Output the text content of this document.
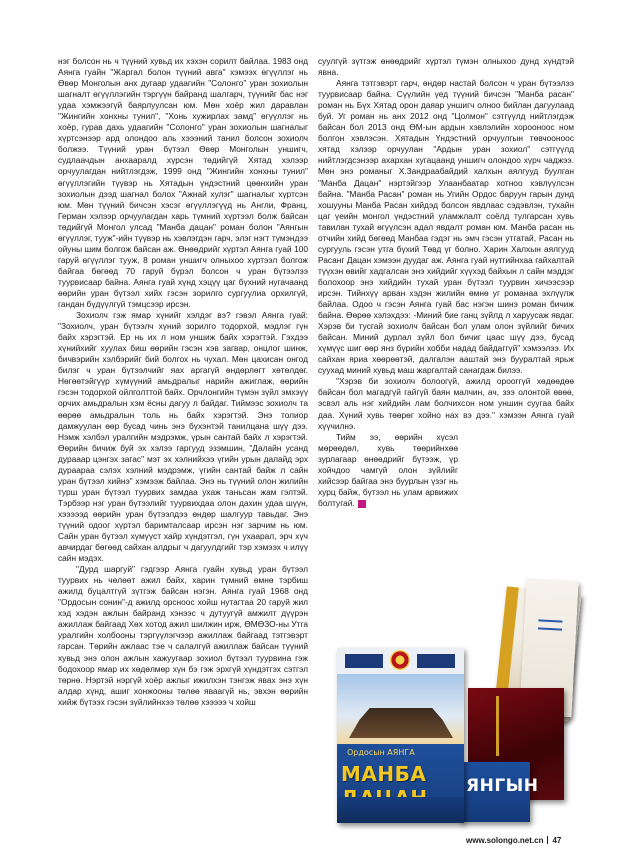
нэг болсон нь ч түүний хувьд их хэхэн сорилт байлаа. 1983 онд Аянга гуайн "Жаргал болон түүний авга" хэмээх өгүүллэг нь Өвөр Монголын анх дугаар удаагийн "Солонго" уран зохиолын шагналт өгүүллэгийн тэргүүн байранд шалгарч, түүнийг бас нэг удаа хэмжээгүй баярлуулсан юм. Мөн хоёр жил даравлан "Жингийн хонхны тунил", "Хонь хужирлах замд" өгүүллэг нь хоёр, гурав дахь удаагийн "Солонго" уран зохиолын шагналыг хүртсэнээр ард олондоо аль хэээний танил болсон зохиолч болжээ. Түүний уран бүтээл Өвөр Монголын уншигч, судлаачдын анхааралд хүрсэн төдийгүй Хятад хэлээр орчуулагдан нийтлэгдэж, 1999 онд "Жингийн хонхны тунил" өгүүллэгийн түүвэр нь Хятадын үндэстний цөөнхийн уран зохиолын дээд шагнал болох "Ажнай хулэг" шагналыг хүртсэн юм. Мөн түүний бичсэн хэсэг өгүүллэгүүд нь Англи, Франц, Герман хэлээр орчуулагдан харь түмний хүртээл болж байсан төдийгүй Монгол улсад "Манба дацан" роман болон "Аянгын өгүүллэг, тууж"-ийн түүвэр нь хэвлэгдэн гарч, элэг нэгт түмэндээ ойуны шим болгож байсан аж. Өнөөдрийг хүртэл Аянга гуай 100 гаруй өгүүллэг тууж, 8 роман уншигч олныхоо хүртээл болгож байгаа бөгөөд 70 гаруй бүрэл болсон ч уран бүтээлээ туурвисаар байна. Аянга гуай хүнд хэцүү цаг бүхний нугачаанд өөрийн уран бүтээл хийх гэсэн зорилго сургуулиа орхилгүй, гандан бүдүүлгүй тэмцсээр ирсэн.

Зохиолч гэж ямар хүнийг хэлдэг вэ? гэвэл Аянга гуай: "Зохиолч, уран бүтээлч хүний зорилго тодорхой, мэдлэг гүн байх хэрэгтэй. Ер нь их л ном уншиж байх хэрэгтэй. Гэхдээ хүнийхийг хуулах биш өөрийн гэсэн хэв загвар, онцлог шинж, бичвэрийн хэлбэрийг бий болгох нь чухал. Мөн цахисан онгод билэг ч уран бүтээлчийг яах аргагүй өндөрлөгт хөтөлдөг. Нөгөөтэйгүүр хүмүүний амьдралыг нарийн ажиглаж, өөрийн гэсэн тодорхой ойлголттой байх. Орчлонгийн түмэн зүйл эмхэүү орчих амьдралын хэм ёсны дагуу л байдаг. Тиймээс зохиолч та өөрөө амьдралын толь нь байх хэрэгтэй. Энэ толиор дамжуулан өөр бусад чинь энэ бүхэнтэй танилцана шүү дээ. Нэмж хэлбэл уралгийн мэдрэмж, үрын сантай байх л хэрэгтэй. Өөрийн бичиж буй эх хэлээ гаргууд эзэмшин, "Далайн усанд дурааар цэнгэх загас" мэт эх хэлнийхээ үгийн урын далайд эрх дураараа сэлэх хэлний мэдрэмж, үгийн сантай байж л сайн уран бүтээл хийнэ" хэмээж байлаа. Энэ нь түүний олон жилийн турш уран бүтээл туурвих замдаа ухаж таньсан жам гэлтэй. Тэрбээр нэг уран бүтээлийг туурвихдаа олон дахин удаа шүүн, хэээээд өөрийн уран бүтээлдээ өндөр шалгуур тавьдаг. Энэ түүний одоог хүртэл баримталсаар ирсэн нэг зарчим нь юм. Сайн уран бүтээл хүмүүст хайр хүндэтгэл, гүн ухаарал, эрч хүч авчирдаг бөгөөд сайхан алдрыг ч дагуулдгийг тэр хэмээх ч илүү сайн мэдэх.

"Дурд шаргуй" гэдгээр Аянга гуайн хувьд уран бүтээл туурвих нь чөлөөт ажил байх, харин түмний өмнө тэрбиш ажилд буцалтгүй зүтгэж байсан нэгэн. Аянга гуай 1968 онд "Ордосын сонин"-д ажилд орсноос хойш нутагтаа 20 гаруй жил хэд хэдэн ажлын байранд хэнээс ч дутуугүй амжилт дүүрэн ажиллаж байгаад Хөх хотод ажил шилжин ирж, ӨМӨЗО-ны Утга уралгийн холбооны тэргүүлэгчээр ажиллаж байгаад тэтгэвэрт гарсан. Төрийн ажлаас тэе ч салалгүй ажиллаж байсан түүний хувьд энэ олон ажлын хажуугаар зохиол бүтээл туурвина гэж бодохоор ямар их хөдөлмөр хүн бэ гэж эрхгүй хүндэтгэх сэтгэл төрнө. Нэртэй нэргүй хоёр ажлыг ижилхэн тэнгэж явах энэ хүн алдар хүнд, ашиг хонжооны төлөө яваагүй нь, эвхэн өөрийн хийж бүтээх гэсэн зүйлийнхээ төлөө хэээээ ч хойш

суулгүй зүтгэж өнөөдрийг хүртэл түмэн олныхоо дунд хүндтэй явна.

Аянга тэтгэвэрт гарч, өндөр настай болсон ч уран бүтээлээ туурвисаар байна. Сүүлийн үед түүний бичсэн "Манба расан" роман нь Бүх Хятад орон даяар уншигч олноо бийлан дагуулаад буй. Уг роман нь анх 2012 онд "Цолмон" сэтгүүлд нийтлэгдэж байсан бол 2013 онд ӨМ-ын ардын хэвлэлийн хороонооc ном болгон хэвлэсэн. Хятадын Үндэстний орчуулгын төвчооноос хятад хэлээр орчуулан "Ардын уран зохиол" сэтгүүлд нийтлэгдсэнээр ахархан хугацаанд уншигч олондоо хүрч чаджээ. Мөн энэ романыг Х.Зандраабайдий халхын аялгууд буулган "Манба Дацан" нэртэйгээр Улаанбаатар хотноо хэвлүүлсэн байна. "Манба Расан" роман нь Угийн Ордос баруун гарын дунд хошууны Манба Расан хийдэд болсон явдлаас сэдэвлэн, тухайн цаг үеийн монгол үндэстний уламжлалт соёлд тулгарсан хувь тавилан тухай өгүүлсэн адал явдалт роман юм. Манба расан нь отчийн хийд бөгөөд Манбаа гэдэг нь эмч гэсэн утгатай, Расан нь сургууль гэсэн утга бүхий Төвд үг болно. Харин Халхын аялгууд Расанг Дацан хэмээн дуудаг аж. Аянга гуай нутгийнхаа гайхалтай түүхэн өвийг хадгалсан энэ хийдийг хүүхэд байхын л сайн мэддэг болохоор энэ хийдийн тухай уран бүтээл туурвин хичээсээр ирсэн. Тийнхүү арван хэдэн жилийн өмнө уг романаа эхлүүлж байлаа. Одоо ч гэсэн Аянга гуай бас нэгэн шинэ роман бичиж байна. Өөрөө хэлэхдээ: -Миний бие ганц зүйлд л харуусаж явдаг. Хэрэв би тусгай зохиолч байсан бол улам олон зүйлийг бичих байсан. Миний дурлал зүйл бол бичиг цаас шүү дээ, бусад хүмүүс шиг өөр янз бүрийн хобби надад байдаггүй" хэмээлээ. Их сайхан яриа хөөрөөтэй, далгалэн ааштай энэ бууралтай ярьж суухад миний хувьд маш жаргалтай санагдаж билээ.

"Хэрэв би зохиолч болоогүй, ажилд орооггүй хөдөөдөө байсан бол магадгүй гайгүй баян малчин, ач, зээ олонтой өвөө, эсвэл аль нэг хийдийн лам болчихсон ном уншин суугаа байх даа. Хүний хувь төөрөг хойно нах вэ дээ." хэмээн Аянга гуай хүүчилнэ.

Тийм ээ, өөрийн хүсэл мөрөөдөл, хувь төөрийнхөө зурлагаар өнөөдрийг бүтээж, үр хойчдоо чамгүй олон зүйлийг хийсээр байгаа энэ буурлын үзэг нь хурц байж, бүтээл нь улам арвижих болтугай.

ЯНГЫН
Ордосын АЯНГА
МАНБА
www.solongo.net.cn 47
